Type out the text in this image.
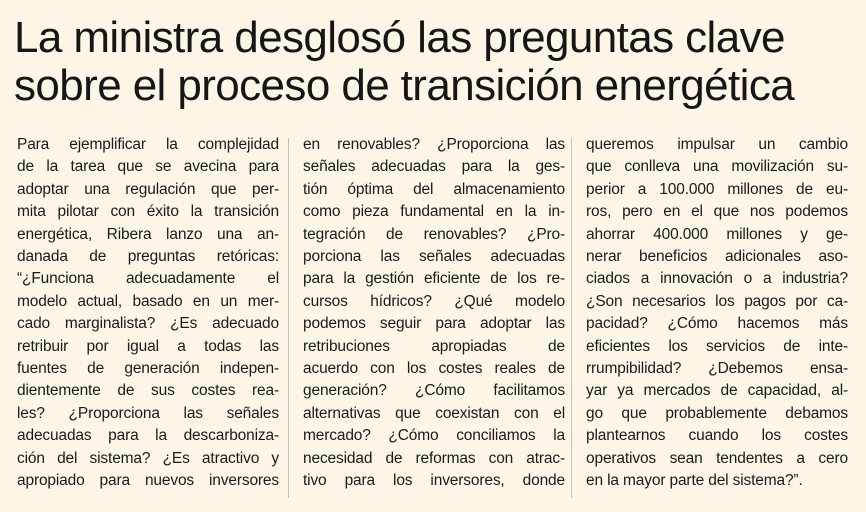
La ministra desglosó las preguntas clave
sobre el proceso de transición energética
Para ejemplificar la complejidad
de la tarea que se avecina para
adoptar una regulación que per-
mita pilotar con éxito la transición
energética, Ribera lanzo una an-
danada de preguntas retóricas:
“¿Funciona adecuadamente el
modelo actual, basado en un mer-
cado marginalista? ¿Es adecuado
retribuir por igual a todas las
fuentes de generación indepen-
dientemente de sus costes rea-
les? ¿Proporciona las señales
adecuadas para la descarboniza-
ción del sistema? ¿Es atractivo y
apropiado para nuevos inversores
en renovables? ¿Proporciona las
señales adecuadas para la ges-
tión óptima del almacenamiento
como pieza fundamental en la in-
tegración de renovables? ¿Pro-
porciona las señales adecuadas
para la gestión eficiente de los re-
cursos hídricos? ¿Qué modelo
podemos seguir para adoptar las
retribuciones apropiadas de
acuerdo con los costes reales de
generación? ¿Cómo facilitamos
alternativas que coexistan con el
mercado? ¿Cómo conciliamos la
necesidad de reformas con atrac-
tivo para los inversores, donde
queremos impulsar un cambio
que conlleva una movilización su-
perior a 100.000 millones de eu-
ros, pero en el que nos podemos
ahorrar 400.000 millones y ge-
nerar beneficios adicionales aso-
ciados a innovación o a industria?
¿Son necesarios los pagos por ca-
pacidad? ¿Cómo hacemos más
eficientes los servicios de inte-
rrumpibilidad? ¿Debemos ensa-
yar ya mercados de capacidad, al-
go que probablemente debamos
plantearnos cuando los costes
operativos sean tendentes a cero
en la mayor parte del sistema?”.
